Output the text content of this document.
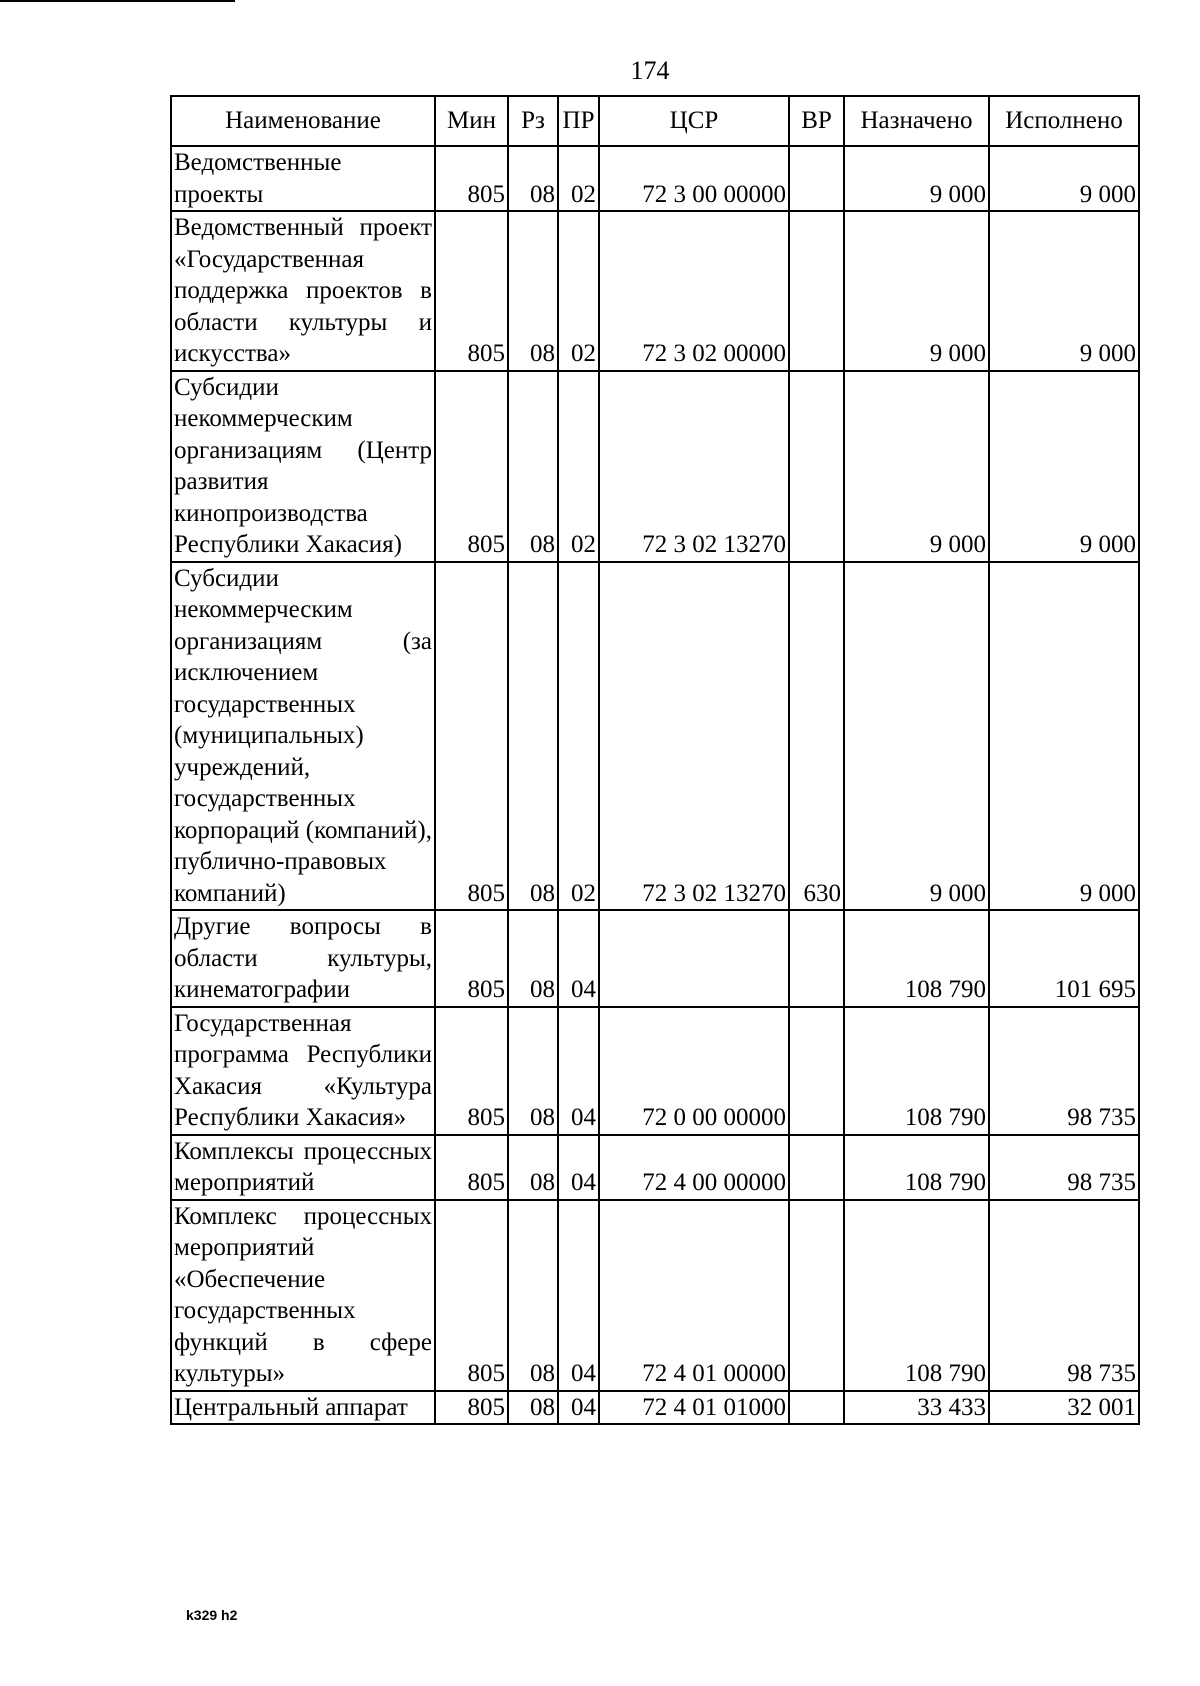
174
Наименование	Мин	Рз	ПР	ЦСР	ВР	Назначено	Исполнено
Ведомственные проекты	805	08	02	72 3 00 00000		9 000	9 000
Ведомственный проект «Государственная поддержка проектов в области культуры и искусства»	805	08	02	72 3 02 00000		9 000	9 000
Субсидии некоммерческим организациям (Центр развития кинопроизводства Республики Хакасия)	805	08	02	72 3 02 13270		9 000	9 000
Субсидии некоммерческим организациям (за исключением государственных (муниципальных) учреждений, государственных корпораций (компаний), публично-правовых компаний)	805	08	02	72 3 02 13270	630	9 000	9 000
Другие вопросы в области культуры, кинематографии	805	08	04			108 790	101 695
Государственная программа Республики Хакасия «Культура Республики Хакасия»	805	08	04	72 0 00 00000		108 790	98 735
Комплексы процессных мероприятий	805	08	04	72 4 00 00000		108 790	98 735
Комплекс процессных мероприятий «Обеспечение государственных функций в сфере культуры»	805	08	04	72 4 01 00000		108 790	98 735
Центральный аппарат	805	08	04	72 4 01 01000		33 433	32 001
k329 h2
